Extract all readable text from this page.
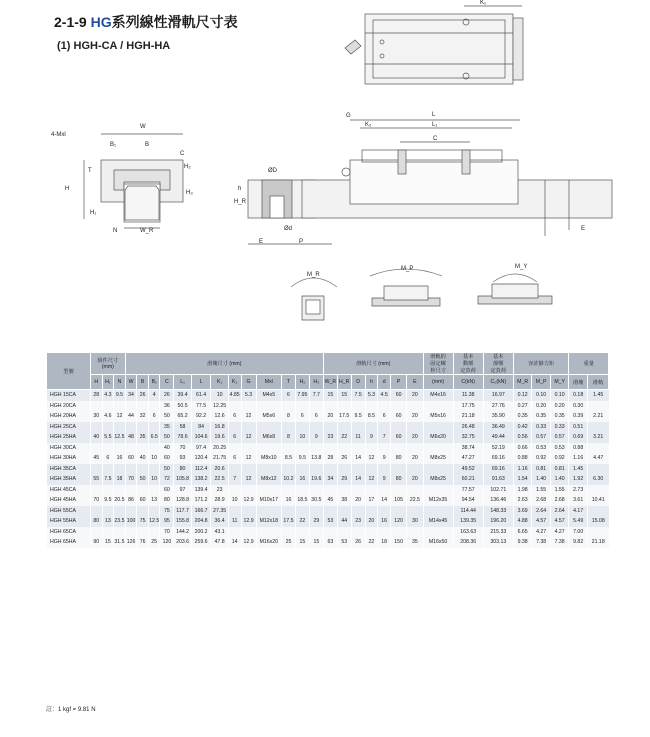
2-1-9 HG系列線性滑軌尺寸表
(1) HGH-CA / HGH-HA
K₁
4-Mxl
W
B₁	B
C
T
H
H₁
H₂
H₃
N	W_R
H_R
ØD
h
Ød
E	P
G
K₂
L
L₁
C
E
M_R
M_P	M_Y
型號	組件尺寸
(mm)			滑塊尺寸 (mm)													滑軌尺寸 (mm)							滑軌的
固定螺
栓尺寸	基本
動額
定負荷	基本
靜額
定負荷	容許靜力矩			重量	
	H	H₁	N	W	B	B₁	C	L₁	L	K₁	K₂	G	Mxl	T	H₂	H₃	W_R	H_R	D	h	d	P	E	(mm)	C(kN)	C₀(kN)	M_R	M_P	M_Y	滑塊	滑軌
HGH 15CA	28	4.3	9.5	34	26	4	26	39.4	61.4	10	4.85	5.3	M4x5	6	7.95	7.7	15	15	7.5	5.3	4.5	60	20	M4x16	11.38	16.97	0.12	0.10	0.10	0.18	1.45
HGH 20CA							36	50.5	77.5	12.25															17.75	27.76	0.27	0.20	0.20	0.30	
HGH 20HA	30	4.6	12	44	32	6	50	65.2	92.2	12.6	6	12	M5x6	8	6	6	20	17.5	9.5	8.5	6	60	20	M5x16	21.18	35.90	0.35	0.35	0.35	0.39	2.21
HGH 25CA							35	58	84	16.8															26.48	36.49	0.42	0.33	0.33	0.51	
HGH 25HA	40	5.5	12.5	48	35	6.5	50	78.6	104.6	19.6	6	12	M6x8	8	10	9	23	22	11	9	7	60	20	M6x20	32.75	49.44	0.56	0.57	0.57	0.69	3.21
HGH 30CA							40	70	97.4	20.25															38.74	52.19	0.66	0.53	0.53	0.88	
HGH 30HA	45	6	16	60	40	10	60	93	120.4	21.75	6	12	M8x10	8.5	9.5	13.8	28	26	14	12	9	80	20	M8x25	47.27	69.16	0.88	0.92	0.92	1.16	4.47
HGH 35CA							50	80	112.4	20.6															49.52	69.16	1.16	0.81	0.81	1.45	
HGH 35HA	55	7.5	18	70	50	10	72	105.8	138.2	22.5	7	12	M8x12	10.2	16	19.6	34	29	14	12	9	80	20	M8x25	60.21	91.63	1.54	1.40	1.40	1.92	6.30
HGH 45CA							60	97	139.4	23															77.57	102.71	1.98	1.55	1.55	2.73	
HGH 45HA	70	9.5	20.5	86	60	13	80	128.8	171.2	28.9	10	12.9	M10x17	16	18.5	30.5	45	38	20	17	14	105	22.5	M12x35	94.54	136.46	2.63	2.68	2.68	3.61	10.41
HGH 55CA							75	117.7	166.7	27.35															114.44	148.33	3.69	2.64	2.64	4.17	
HGH 55HA	80	13	23.5	100	75	12.5	95	155.8	204.8	36.4	11	12.9	M12x18	17.5	22	29	53	44	23	20	16	120	30	M14x45	139.35	196.20	4.88	4.57	4.57	5.49	15.08
HGH 65CA							70	144.2	200.2	43.1															163.63	215.33	6.65	4.27	4.27	7.00	
HGH 65HA	90	15	31.5	126	76	25	120	203.6	259.6	47.8	14	12.9	M16x20	25	15	15	63	53	26	22	18	150	35	M16x50	208.36	303.13	9.38	7.38	7.38	9.82	21.18
註：1 kgf = 9.81 N
